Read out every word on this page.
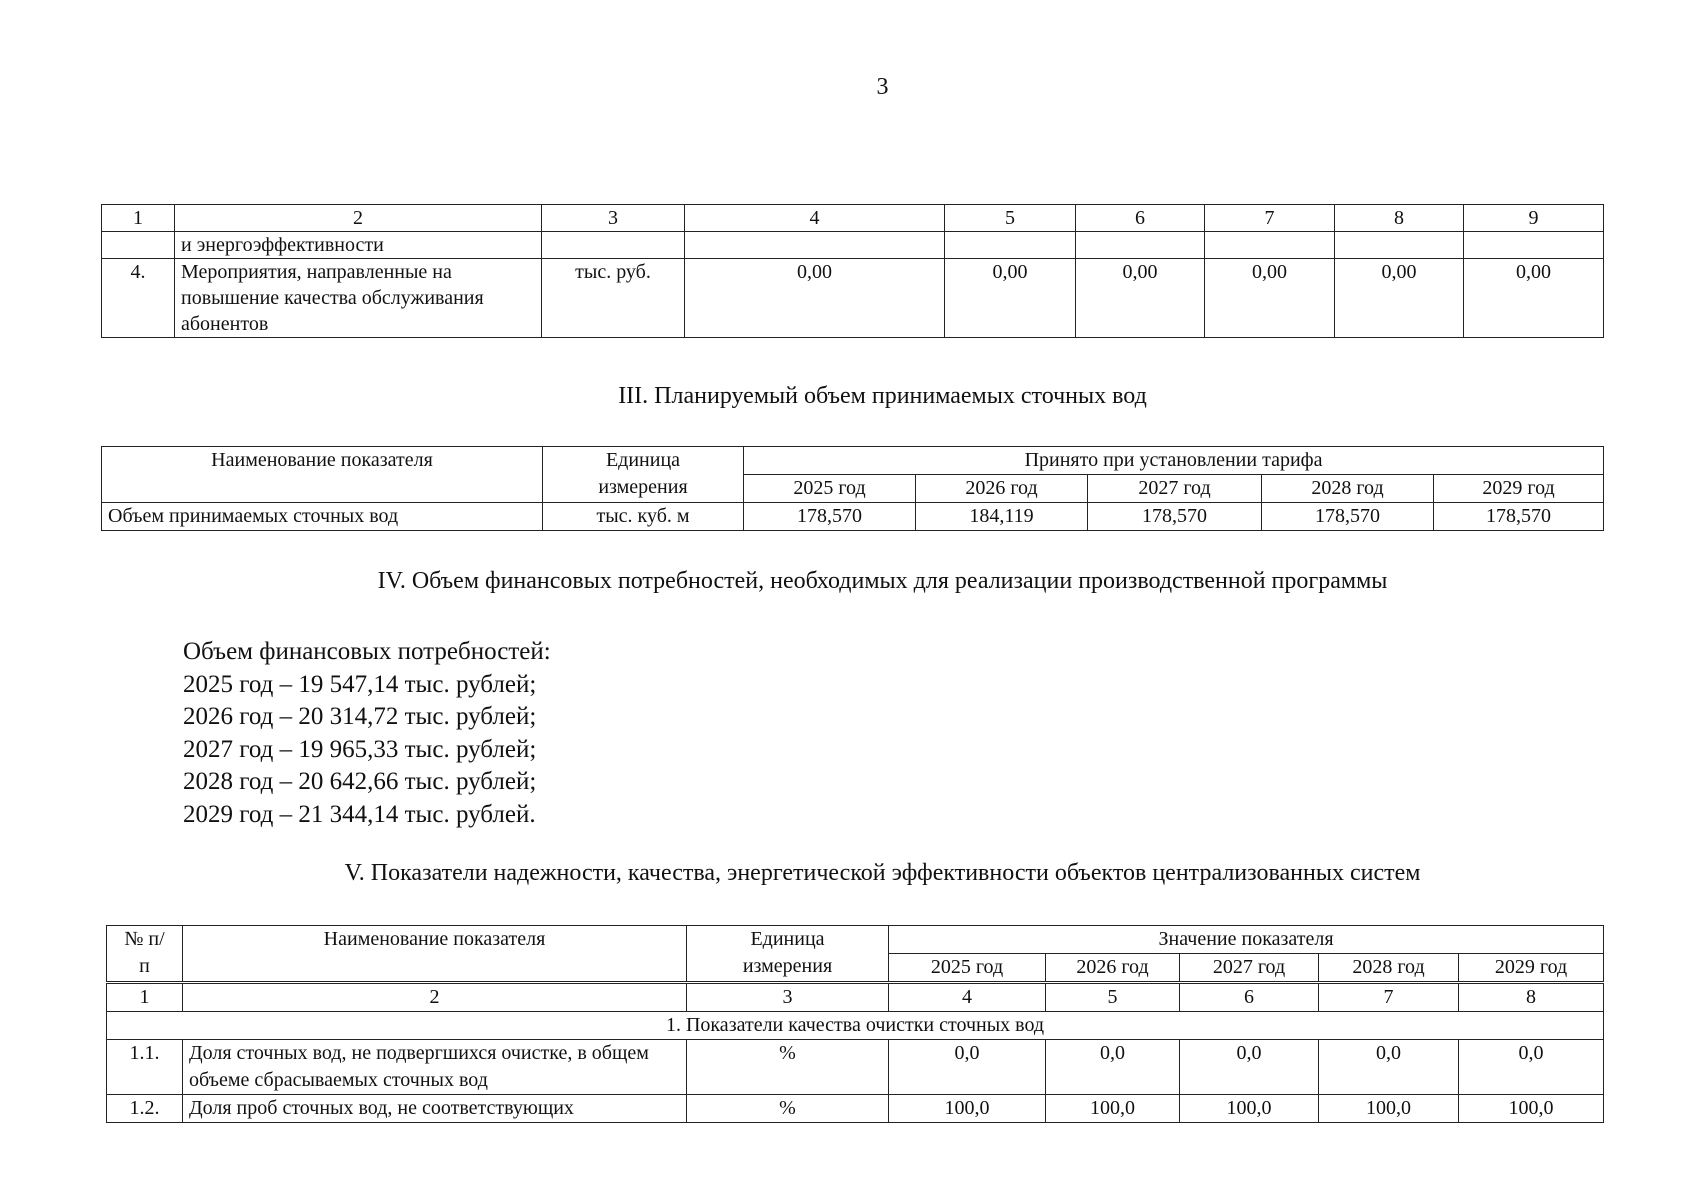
3
1	2	3	4	5	6	7	8	9
	и энергоэффективности							
4.	Мероприятия, направленные на повышение качества обслуживания абонентов	тыс. руб.	0,00	0,00	0,00	0,00	0,00	0,00
III. Планируемый объем принимаемых сточных вод
Наименование показателя	Единица измерения	Принято при установлении тарифа				
		2025 год	2026 год	2027 год	2028 год	2029 год
Объем принимаемых сточных вод	тыс. куб. м	178,570	184,119	178,570	178,570	178,570
IV. Объем финансовых потребностей, необходимых для реализации производственной программы
Объем финансовых потребностей:
2025 год – 19 547,14 тыс. рублей;
2026 год – 20 314,72 тыс. рублей;
2027 год – 19 965,33 тыс. рублей;
2028 год – 20 642,66 тыс. рублей;
2029 год – 21 344,14 тыс. рублей.
V. Показатели надежности, качества, энергетической эффективности объектов централизованных систем
№ п/п	Наименование показателя	Единица измерения	Значение показателя				
			2025 год	2026 год	2027 год	2028 год	2029 год
1	2	3	4	5	6	7	8
1. Показатели качества очистки сточных вод							
1.1.	Доля сточных вод, не подвергшихся очистке, в общем объеме сбрасываемых сточных вод	%	0,0	0,0	0,0	0,0	0,0
1.2.	Доля проб сточных вод, не соответствующих	%	100,0	100,0	100,0	100,0	100,0
